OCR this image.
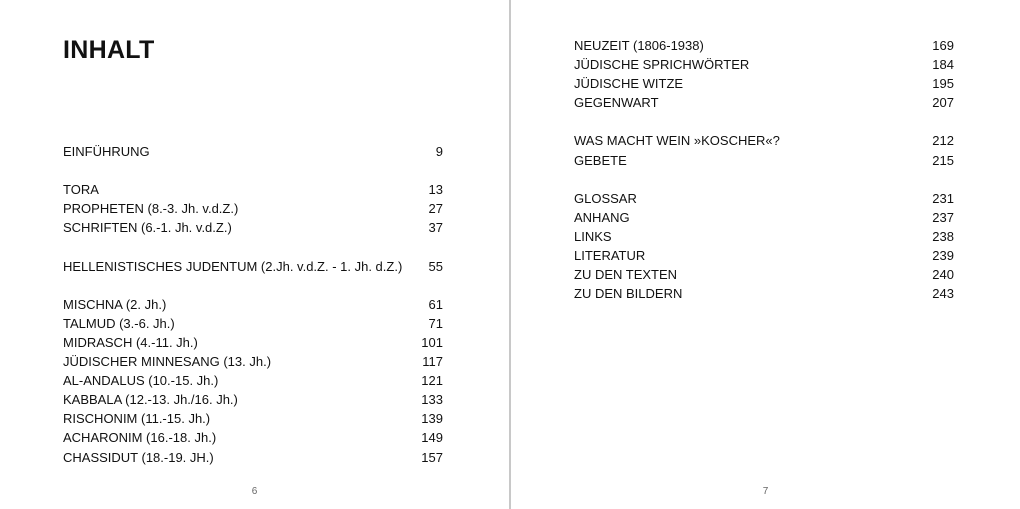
INHALT
EINFÜHRUNG	9
TORA	13
PROPHETEN (8.-3. Jh. v.d.Z.)	27
SCHRIFTEN (6.-1. Jh. v.d.Z.)	37
HELLENISTISCHES JUDENTUM (2.Jh. v.d.Z. - 1. Jh. d.Z.) 55
MISCHNA (2. Jh.)	61
TALMUD (3.-6. Jh.)	71
MIDRASCH (4.-11. Jh.)	101
JÜDISCHER MINNESANG (13. Jh.)	117
AL-ANDALUS (10.-15. Jh.)	121
KABBALA (12.-13. Jh./16. Jh.)	133
RISCHONIM (11.-15. Jh.)	139
ACHARONIM (16.-18. Jh.)	149
CHASSIDUT (18.-19. JH.)	157
6
NEUZEIT (1806-1938)	169
JÜDISCHE SPRICHWÖRTER	184
JÜDISCHE WITZE	195
GEGENWART	207
WAS MACHT WEIN »KOSCHER«?	212
GEBETE	215
GLOSSAR	231
ANHANG	237
LINKS	238
LITERATUR	239
ZU DEN TEXTEN	240
ZU DEN BILDERN	243
7
